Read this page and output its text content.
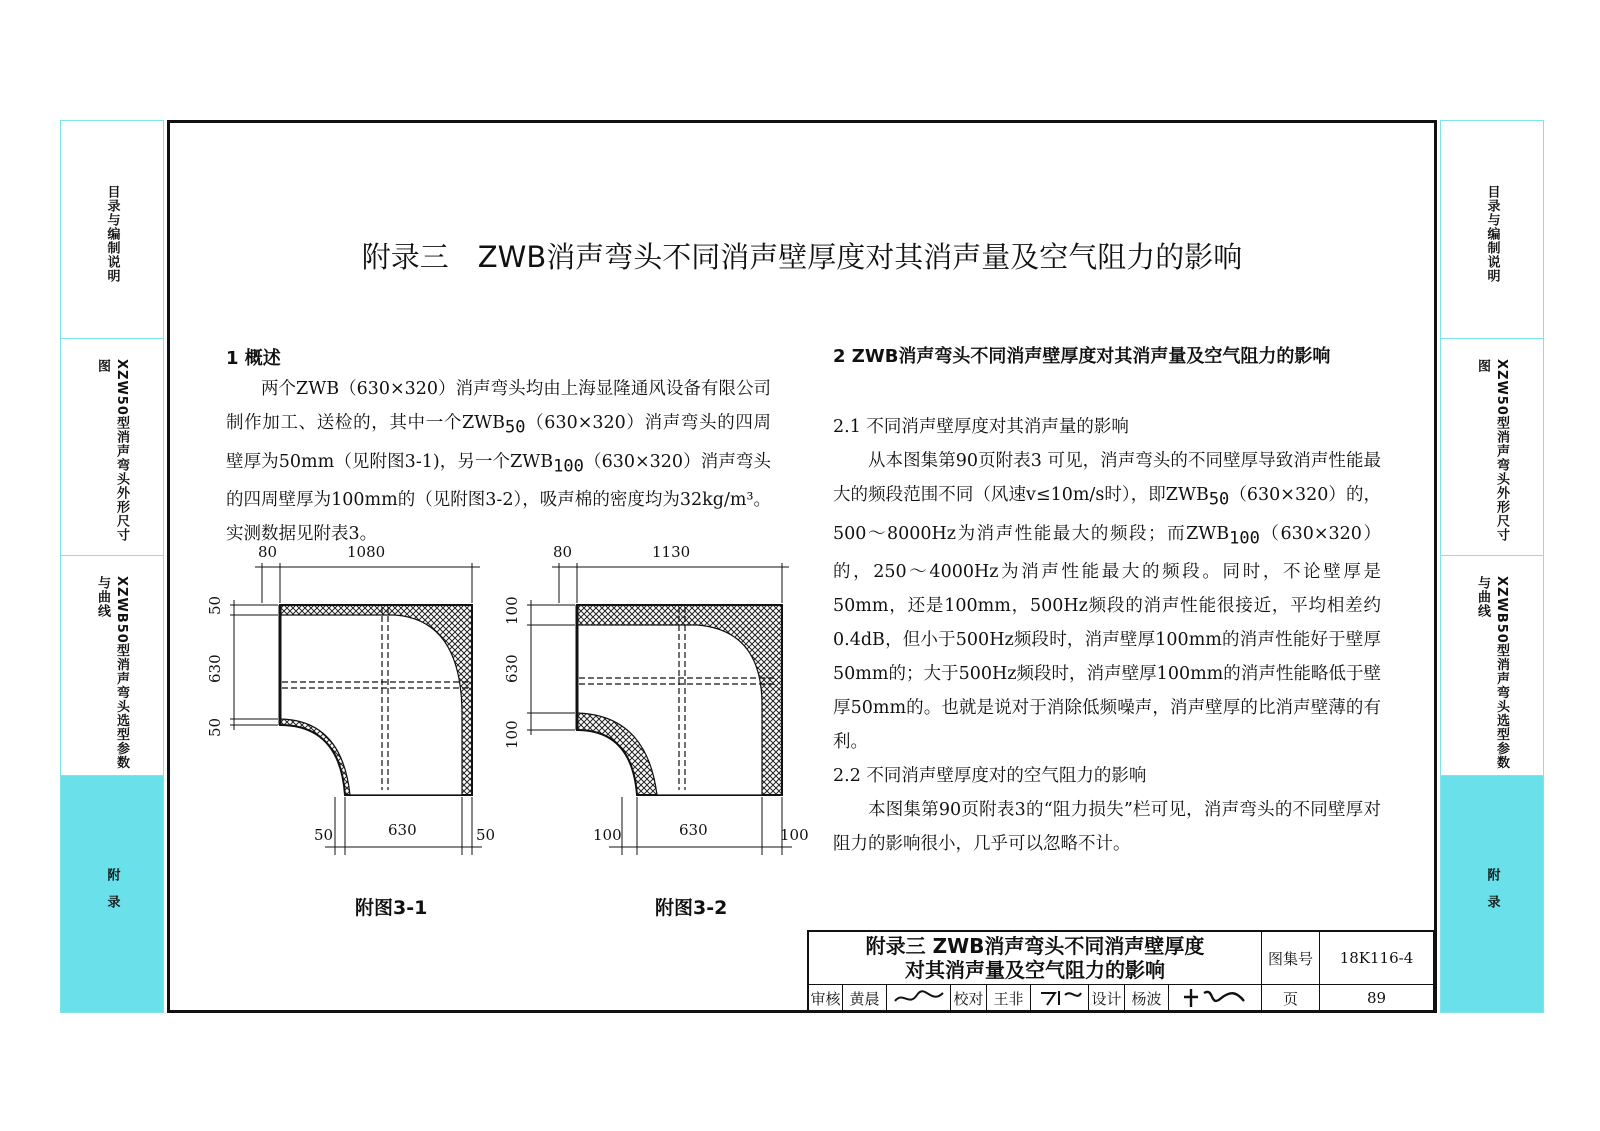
目录与编制说明
XZW50型消声弯头外形尺寸图
XZWB50型消声弯头选型参数与曲线
附录
目录与编制说明
XZW50型消声弯头外形尺寸图
XZWB50型消声弯头选型参数与曲线
附录
附录三　ZWB消声弯头不同消声壁厚度对其消声量及空气阻力的影响
1 概述

两个ZWB（630×320）消声弯头均由上海显隆通风设备有限公司制作加工、送检的，其中一个$ZWB_{50}(630\times 320)$消声弯头的四周壁厚为50mm（见附图3-1)，另一个$ZWB_{100}(630\times 320)$消声弯头的四周壁厚为100mm的（见附图3-2），吸声棉的密度均为32kg/m³。实测数据见附表3。

80	1080
50
630
50
50	630	50
附图3-1
80	1130
100
630
100
100	630	100
附图3-2
2 ZWB消声弯头不同消声壁厚度对其消声量及空气阻力的影响

2.1 不同消声壁厚度对其消声量的影响

从本图集第90页附表3 可见，消声弯头的不同壁厚导致消声性能最大的频段范围不同（风速v≤10m/s时），即$ZWB_{50}(630\times 320)$的，500～8000Hz为消声性能最大的频段；而$ZWB_{100}(630\times 320)$的，250～4000Hz为消声性能最大的频段。同时，不论壁厚是50mm，还是100mm，500Hz频段的消声性能很接近，平均相差约0.4dB，但小于500Hz频段时，消声壁厚100mm的消声性能好于壁厚50mm的；大于500Hz频段时，消声壁厚100mm的消声性能略低于壁厚50mm的。也就是说对于消除低频噪声，消声壁厚的比消声壁薄的有利。

2.2 不同消声壁厚度对的空气阻力的影响

本图集第90页附表3的“阻力损失”栏可见，消声弯头的不同壁厚对阻力的影响很小，几乎可以忽略不计。

附录三 ZWB消声弯头不同消声壁厚度
对其消声量及空气阻力的影响	图集号	18K116-4
审核 黄晨	校对 王非	设计 杨波	页	89
